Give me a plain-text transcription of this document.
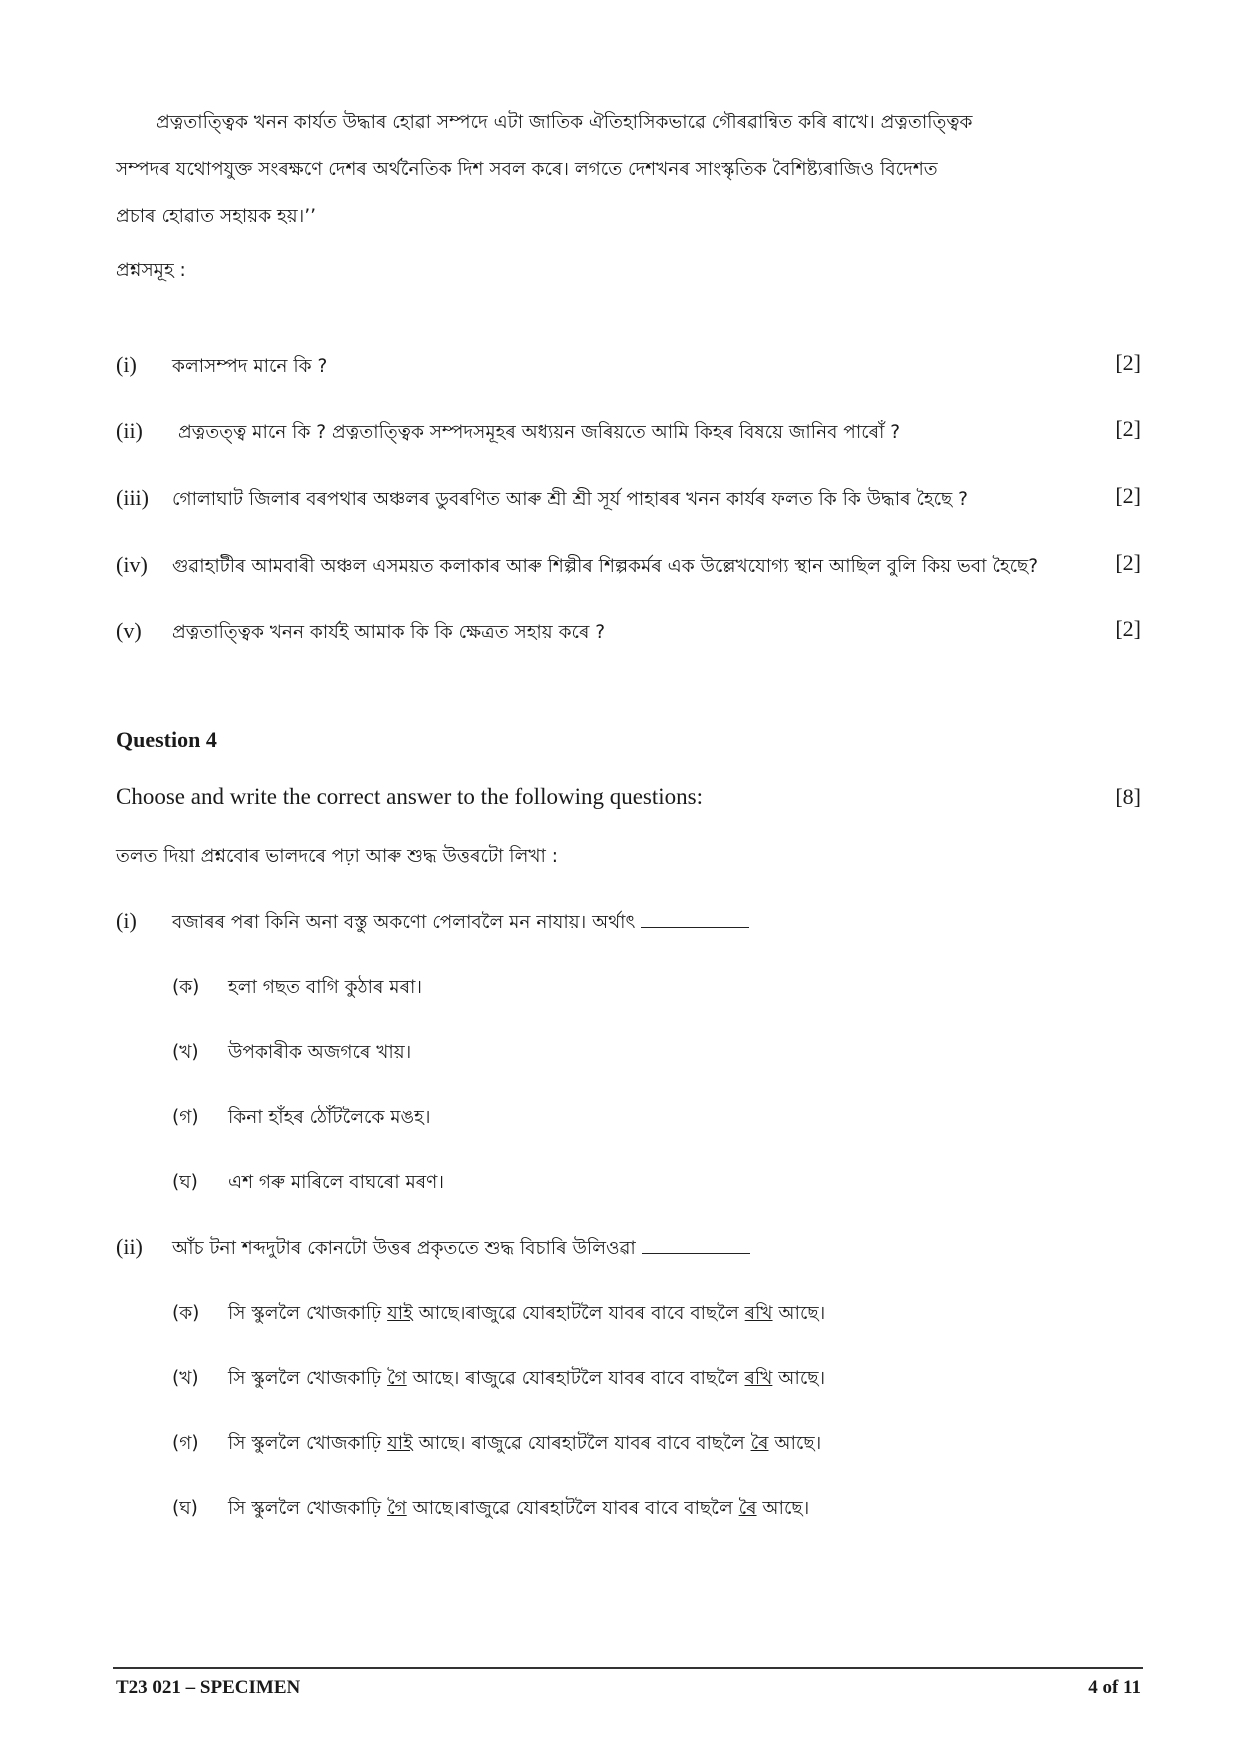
প্ৰত্নতাত্ত্বিক খনন কাৰ্যত উদ্ধাৰ হোৱা সম্পদে এটা জাতিক ঐতিহাসিকভাৱে গৌৰৱান্বিত কৰি ৰাখে। প্ৰত্নতাত্ত্বিক
সম্পদৰ যথোপযুক্ত সংৰক্ষণে দেশৰ অৰ্থনৈতিক দিশ সবল কৰে। লগতে দেশখনৰ সাংস্কৃতিক বৈশিষ্ট্যৰাজিও বিদেশত
প্ৰচাৰ হোৱাত সহায়ক হয়।’’
প্ৰশ্নসমূহ :
(i) কলাসম্পদ মানে কি ?	[2]
(ii) প্ৰত্নতত্ত্ব মানে কি ? প্ৰত্নতাত্ত্বিক সম্পদসমূহৰ অধ্যয়ন জৰিয়তে আমি কিহৰ বিষয়ে জানিব পাৰোঁ ?	[2]
(iii) গোলাঘাট জিলাৰ বৰপথাৰ অঞ্চলৰ ডুবৰণিত আৰু শ্ৰী শ্ৰী সূৰ্য পাহাৰৰ খনন কাৰ্যৰ ফলত কি কি উদ্ধাৰ হৈছে ?	[2]
(iv) গুৱাহাটীৰ আমবাৰী অঞ্চল এসময়ত কলাকাৰ আৰু শিল্পীৰ শিল্পকৰ্মৰ এক উল্লেখযোগ্য স্থান আছিল বুলি কিয় ভবা হৈছে?	[2]
(v) প্ৰত্নতাত্ত্বিক খনন কাৰ্যই আমাক কি কি ক্ষেত্ৰত সহায় কৰে ?	[2]
Question 4
Choose and write the correct answer to the following questions:	[8]
তলত দিয়া প্ৰশ্নবোৰ ভালদৰে পঢ়া আৰু শুদ্ধ উত্তৰটো লিখা :
(i) বজাৰৰ পৰা কিনি অনা বস্তু অকণো পেলাবলৈ মন নাযায়। অৰ্থাৎ
(ক) হলা গছত বাগি কুঠাৰ মৰা।
(খ) উপকাৰীক অজগৰে খায়।
(গ) কিনা হাঁহৰ ঠোঁটলৈকে মঙহ।
(ঘ) এশ গৰু মাৰিলে বাঘৰো মৰণ।
(ii) আঁচ টনা শব্দদুটাৰ কোনটো উত্তৰ প্ৰকৃততে শুদ্ধ বিচাৰি উলিওৱা
(ক) সি স্কুললৈ খোজকাঢ়ি যাই আছে।ৰাজুৱে যোৰহাটলৈ যাবৰ বাবে বাছলৈ ৰখি আছে।
(খ) সি স্কুললৈ খোজকাঢ়ি গৈ আছে। ৰাজুৱে যোৰহাটলৈ যাবৰ বাবে বাছলৈ ৰখি আছে।
(গ) সি স্কুললৈ খোজকাঢ়ি যাই আছে। ৰাজুৱে যোৰহাটলৈ যাবৰ বাবে বাছলৈ ৰৈ আছে।
(ঘ) সি স্কুললৈ খোজকাঢ়ি গৈ আছে।ৰাজুৱে যোৰহাটলৈ যাবৰ বাবে বাছলৈ ৰৈ আছে।
T23 021 – SPECIMEN	4 of 11
